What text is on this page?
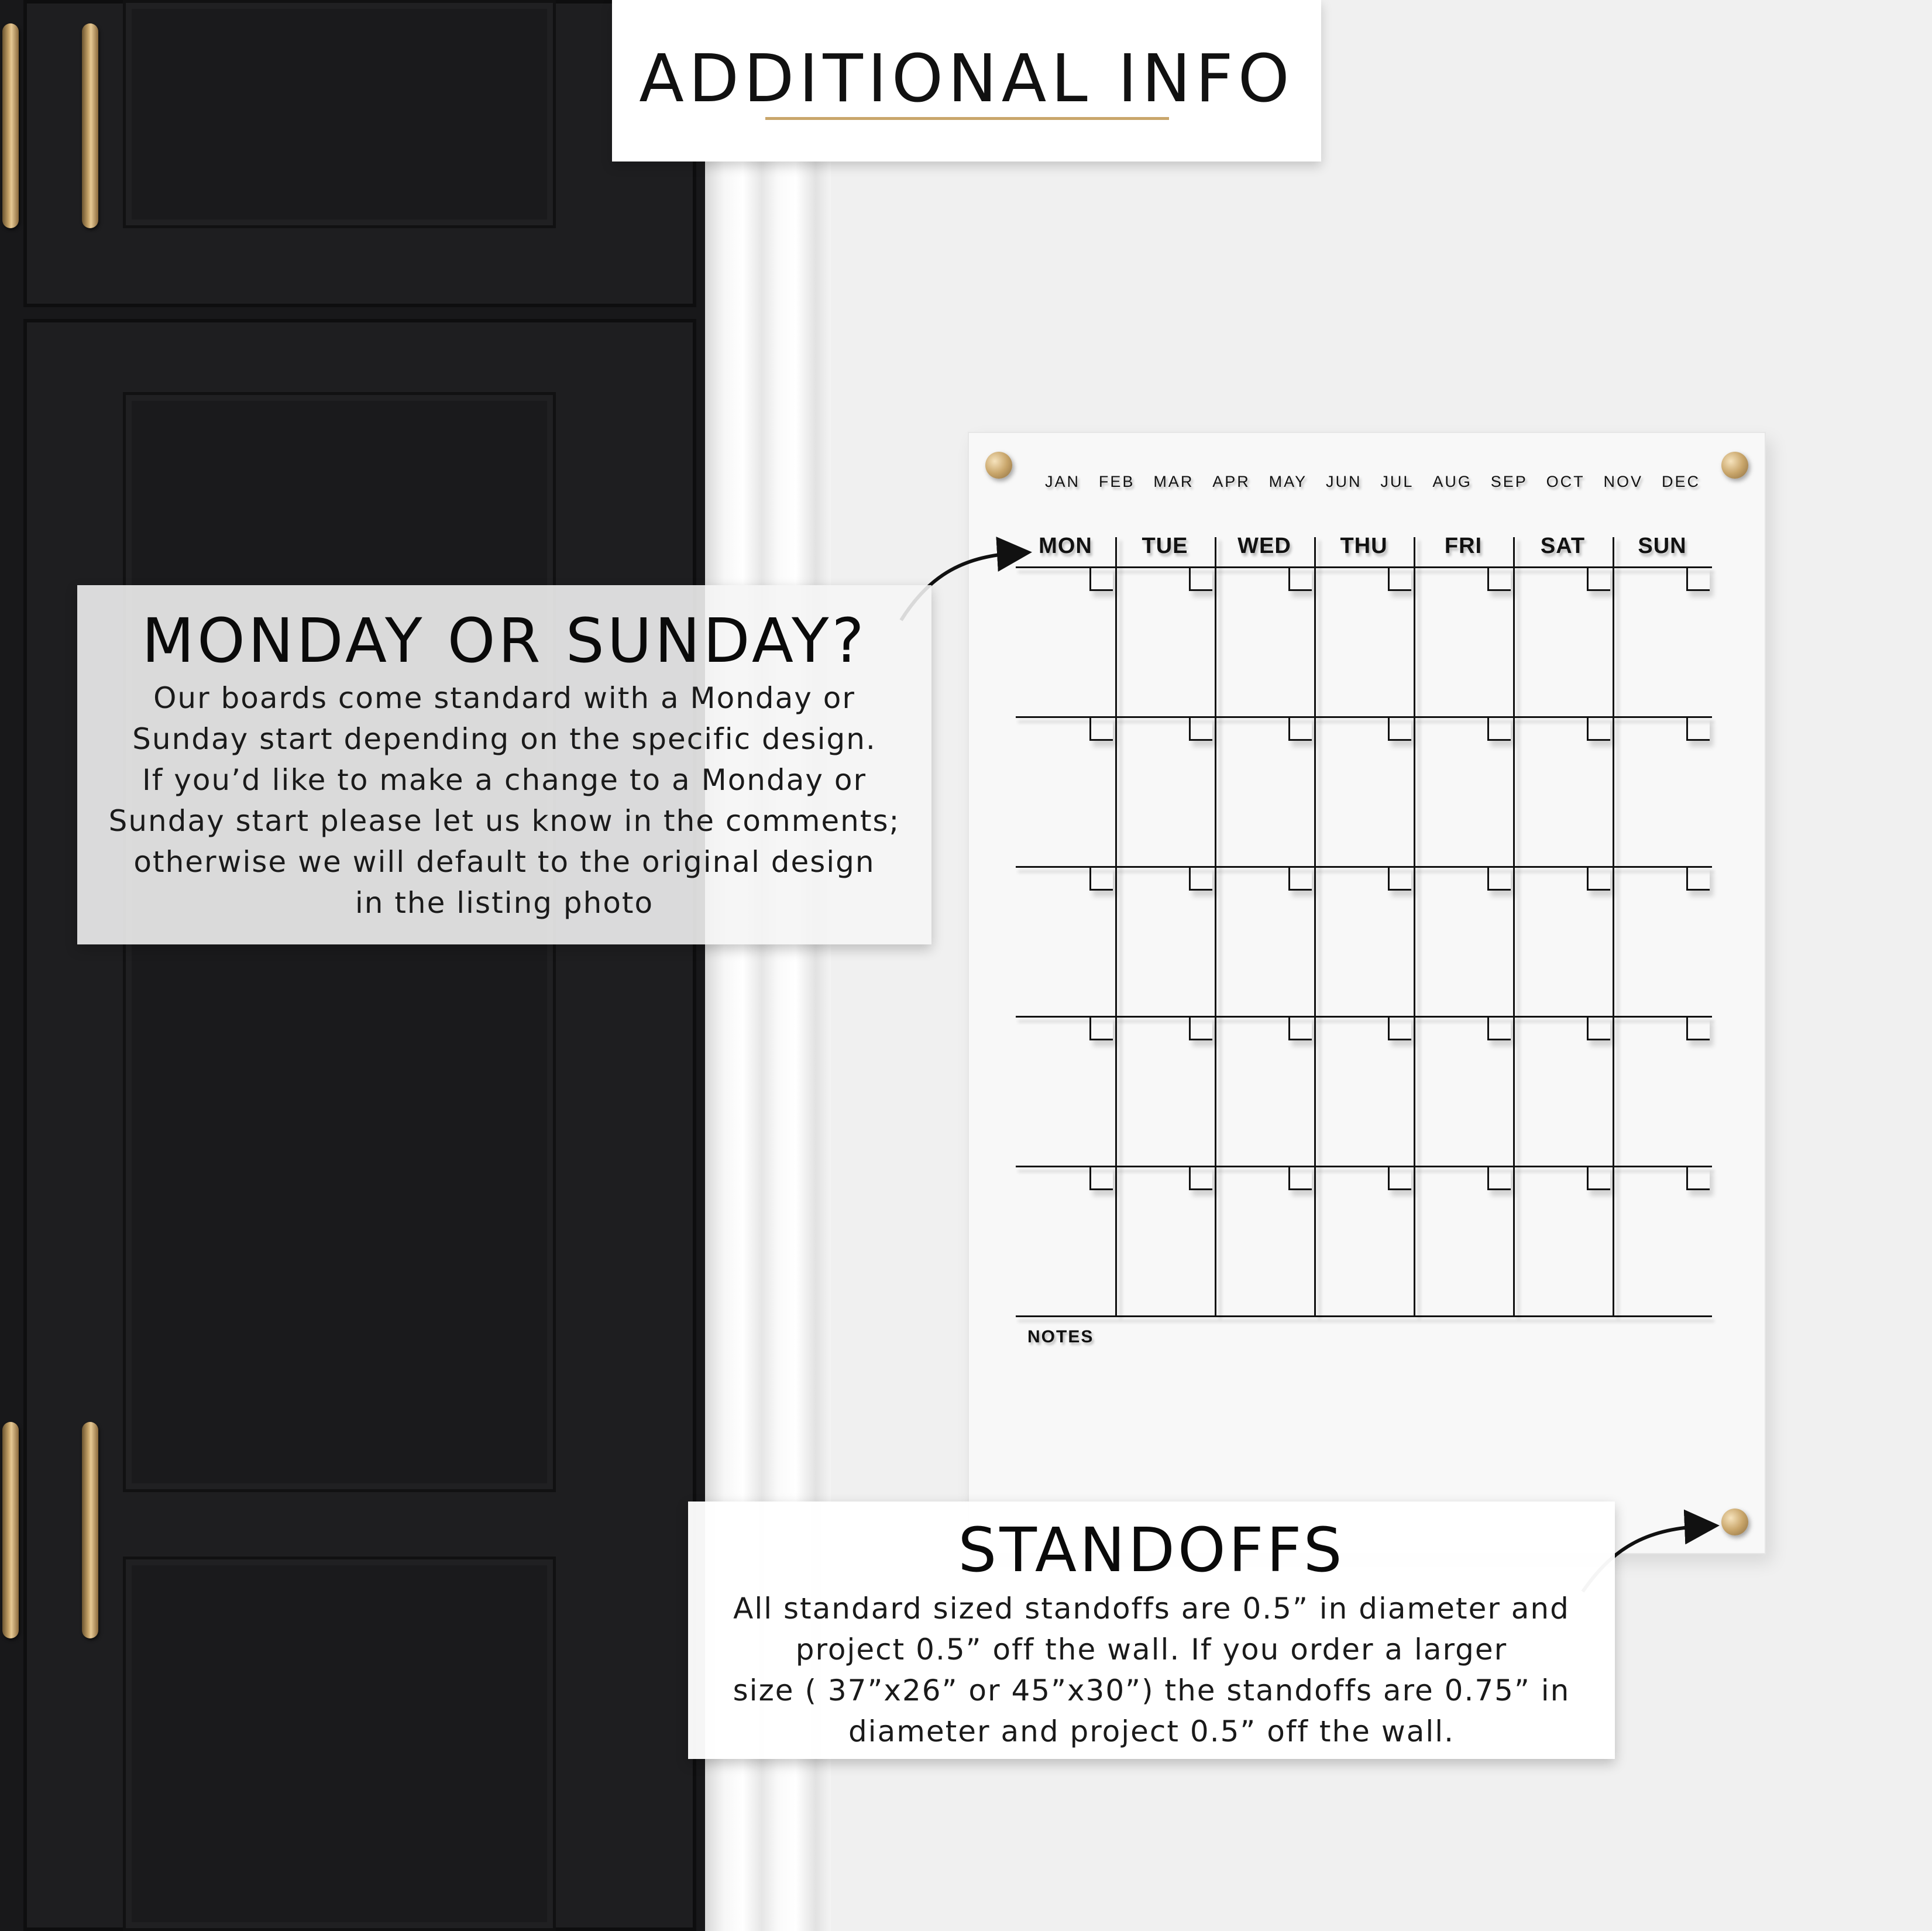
ADDITIONAL INFO
JAN FEB MAR APR MAY JUN JUL AUG SEP OCT NOV DEC
MON	TUE	WED	THU	FRI	SAT	SUN
NOTES
MONDAY OR SUNDAY?

Our boards come standard with a Monday or
Sunday start depending on the specific design.
If you’d like to make a change to a Monday or
Sunday start please let us know in the comments;
otherwise we will default to the original design
in the listing photo

STANDOFFS

All standard sized standoffs are 0.5” in diameter and
project 0.5” off the wall. If you order a larger
size ( 37”x26” or 45”x30”) the standoffs are 0.75” in
diameter and project 0.5” off the wall.
